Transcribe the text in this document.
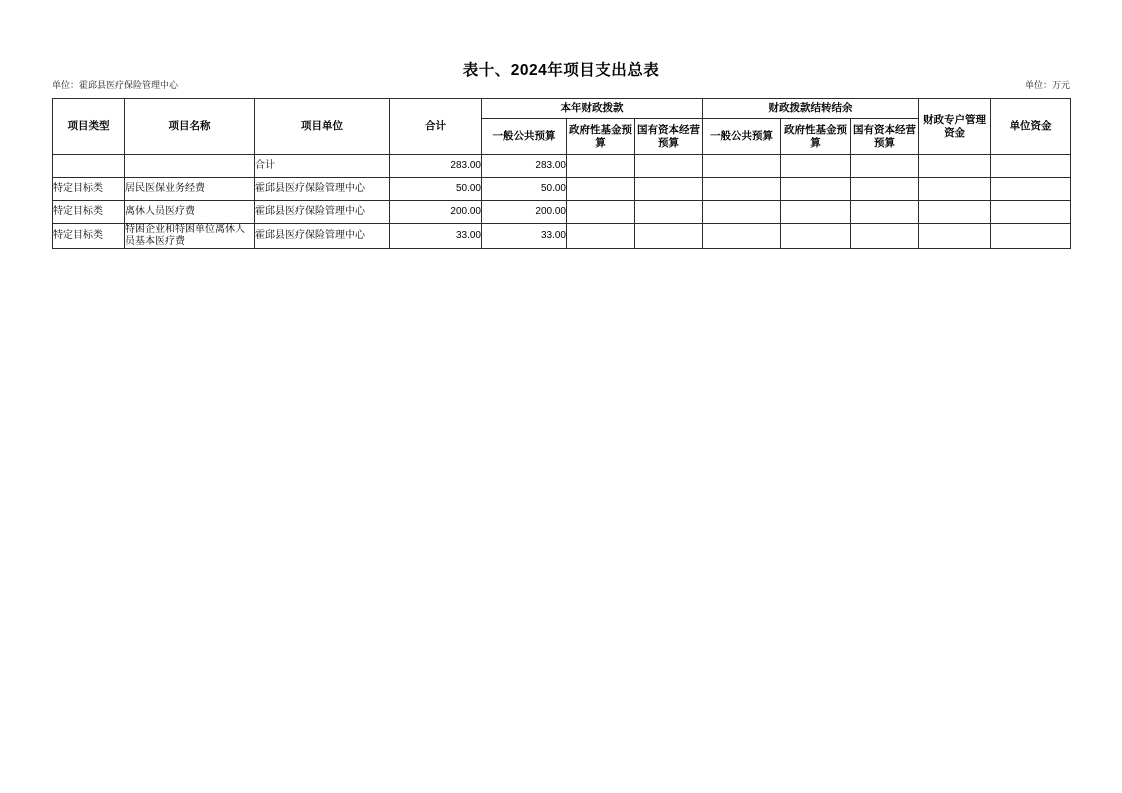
表十、2024年项目支出总表
单位：霍邱县医疗保险管理中心	单位：万元
项目类型	项目名称	项目单位	合计	本年财政拨款			财政拨款结转结余			财政专户管理资金	单位资金
				一般公共预算	政府性基金预算	国有资本经营预算	一般公共预算	政府性基金预算	国有资本经营预算		
		合计	283.00	283.00							
特定目标类	居民医保业务经费	霍邱县医疗保险管理中心	50.00	50.00							
特定目标类	离休人员医疗费	霍邱县医疗保险管理中心	200.00	200.00							
特定目标类	特困企业和特困单位离休人员基本医疗费	霍邱县医疗保险管理中心	33.00	33.00							
